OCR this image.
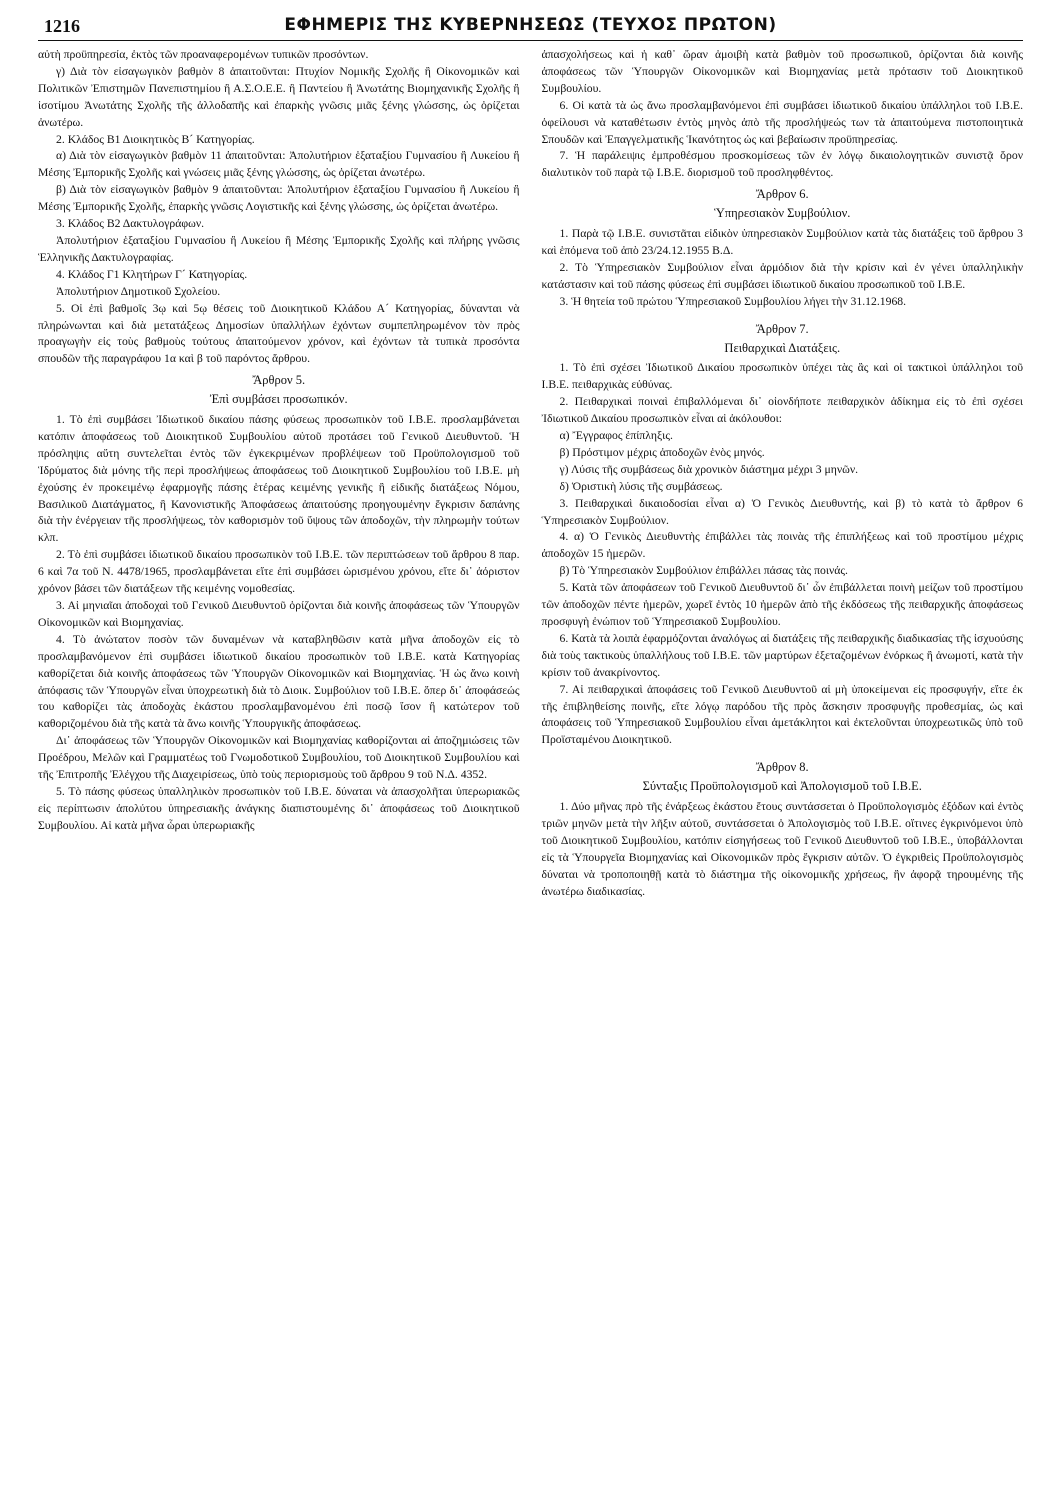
1216	ΕΦΗΜΕΡΙΣ ΤΗΣ ΚΥΒΕΡΝΗΣΕΩΣ (ΤΕΥΧΟΣ ΠΡΩΤΟΝ)

αὐτὴ προϋπηρεσία, ἐκτὸς τῶν προαναφερομένων τυπικῶν προσόντων.

γ) Διὰ τὸν εἰσαγωγικὸν βαθμὸν 8 ἀπαιτοῦνται: Πτυχίον Νομικῆς Σχολῆς ἢ Οἰκονομικῶν καὶ Πολιτικῶν Ἐπιστημῶν Πανεπιστημίου ἢ Α.Σ.Ο.Ε.Ε. ἢ Παντείου ἢ Ἀνωτάτης Βιομηχανικῆς Σχολῆς ἢ ἰσοτίμου Ἀνωτάτης Σχολῆς τῆς ἀλλοδαπῆς καὶ ἐπαρκὴς γνῶσις μιᾶς ξένης γλώσσης, ὡς ὁρίζεται ἀνωτέρω.

2. Κλάδος Β1 Διοικητικὸς Β´ Κατηγορίας.

α) Διὰ τὸν εἰσαγωγικὸν βαθμὸν 11 ἀπαιτοῦνται: Ἀπολυτήριον ἑξαταξίου Γυμνασίου ἢ Λυκείου ἢ Μέσης Ἐμπορικῆς Σχολῆς καὶ γνώσεις μιᾶς ξένης γλώσσης, ὡς ὁρίζεται ἀνωτέρω.

β) Διὰ τὸν εἰσαγωγικὸν βαθμὸν 9 ἀπαιτοῦνται: Ἀπολυτήριον ἑξαταξίου Γυμνασίου ἢ Λυκείου ἢ Μέσης Ἐμπορικῆς Σχολῆς, ἐπαρκὴς γνῶσις Λογιστικῆς καὶ ξένης γλώσσης, ὡς ὁρίζεται ἀνωτέρω.

3. Κλάδος Β2 Δακτυλογράφων.

Ἀπολυτήριον ἑξαταξίου Γυμνασίου ἢ Λυκείου ἢ Μέσης Ἐμπορικῆς Σχολῆς καὶ πλήρης γνῶσις Ἑλληνικῆς Δακτυλογραφίας.

4. Κλάδος Γ1 Κλητήρων Γ´ Κατηγορίας.

Ἀπολυτήριον Δημοτικοῦ Σχολείου.

5. Οἱ ἐπὶ βαθμοῖς 3ῳ καὶ 5ῳ θέσεις τοῦ Διοικητικοῦ Κλάδου Α´ Κατηγορίας, δύνανται νὰ πληρώνωνται καὶ διὰ μετατάξεως Δημοσίων ὑπαλλήλων ἐχόντων συμπεπληρωμένον τὸν πρὸς προαγωγὴν εἰς τοὺς βαθμοὺς τούτους ἀπαιτούμενον χρόνον, καὶ ἐχόντων τὰ τυπικὰ προσόντα σπουδῶν τῆς παραγράφου 1α καὶ β τοῦ παρόντος ἄρθρου.

Ἄρθρον 5.

Ἐπὶ συμβάσει προσωπικόν.

1. Τὸ ἐπὶ συμβάσει Ἰδιωτικοῦ δικαίου πάσης φύσεως προσωπικὸν τοῦ Ι.Β.Ε. προσλαμβάνεται κατόπιν ἀποφάσεως τοῦ Διοικητικοῦ Συμβουλίου αὐτοῦ προτάσει τοῦ Γενικοῦ Διευθυντοῦ. Ἡ πρόσληψις αὕτη συντελεῖται ἐντὸς τῶν ἐγκεκριμένων προβλέψεων τοῦ Προϋπολογισμοῦ τοῦ Ἱδρύματος διὰ μόνης τῆς περὶ προσλήψεως ἀποφάσεως τοῦ Διοικητικοῦ Συμβουλίου τοῦ Ι.Β.Ε. μὴ ἐχούσης ἐν προκειμένῳ ἐφαρμογῆς πάσης ἑτέρας κειμένης γενικῆς ἢ εἰδικῆς διατάξεως Νόμου, Βασιλικοῦ Διατάγματος, ἢ Κανονιστικῆς Ἀποφάσεως ἀπαιτούσης προηγουμένην ἔγκρισιν δαπάνης διὰ τὴν ἐνέργειαν τῆς προσλήψεως, τὸν καθορισμὸν τοῦ ὕψους τῶν ἀποδοχῶν, τὴν πληρωμὴν τούτων κλπ.

2. Τὸ ἐπὶ συμβάσει ἰδιωτικοῦ δικαίου προσωπικὸν τοῦ Ι.Β.Ε. τῶν περιπτώσεων τοῦ ἄρθρου 8 παρ. 6 καὶ 7α τοῦ Ν. 4478/1965, προσλαμβάνεται εἴτε ἐπὶ συμβάσει ὡρισμένου χρόνου, εἴτε δι᾽ ἀόριστον χρόνον βάσει τῶν διατάξεων τῆς κειμένης νομοθεσίας.

3. Αἱ μηνιαῖαι ἀποδοχαὶ τοῦ Γενικοῦ Διευθυντοῦ ὁρίζονται διὰ κοινῆς ἀποφάσεως τῶν Ὑπουργῶν Οἰκονομικῶν καὶ Βιομηχανίας.

4. Τὸ ἀνώτατον ποσὸν τῶν δυναμένων νὰ καταβληθῶσιν κατὰ μῆνα ἀποδοχῶν εἰς τὸ προσλαμβανόμενον ἐπὶ συμβάσει ἰδιωτικοῦ δικαίου προσωπικὸν τοῦ Ι.Β.Ε. κατὰ Κατηγορίας καθορίζεται διὰ κοινῆς ἀποφάσεως τῶν Ὑπουργῶν Οἰκονομικῶν καὶ Βιομηχανίας. Ἡ ὡς ἄνω κοινὴ ἀπόφασις τῶν Ὑπουργῶν εἶναι ὑποχρεωτικὴ διὰ τὸ Διοικ. Συμβούλιον τοῦ Ι.Β.Ε. ὅπερ δι᾽ ἀποφάσεώς του καθορίζει τὰς ἀποδοχὰς ἑκάστου προσλαμβανομένου ἐπὶ ποσῷ ἴσον ἢ κατώτερον τοῦ καθοριζομένου διὰ τῆς κατὰ τὰ ἄνω κοινῆς Ὑπουργικῆς ἀποφάσεως.

Δι᾽ ἀποφάσεως τῶν Ὑπουργῶν Οἰκονομικῶν καὶ Βιομηχανίας καθορίζονται αἱ ἀποζημιώσεις τῶν Προέδρου, Μελῶν καὶ Γραμματέως τοῦ Γνωμοδοτικοῦ Συμβουλίου, τοῦ Διοικητικοῦ Συμβουλίου καὶ τῆς Ἐπιτροπῆς Ἐλέγχου τῆς Διαχειρίσεως, ὑπὸ τοὺς περιορισμοὺς τοῦ ἄρθρου 9 τοῦ Ν.Δ. 4352.

5. Τὸ πάσης φύσεως ὑπαλληλικὸν προσωπικὸν τοῦ Ι.Β.Ε. δύναται νὰ ἀπασχολῆται ὑπερωριακῶς εἰς περίπτωσιν ἀπολύτου ὑπηρεσιακῆς ἀνάγκης διαπιστουμένης δι᾽ ἀποφάσεως τοῦ Διοικητικοῦ Συμβουλίου. Αἱ κατὰ μῆνα ὧραι ὑπερωριακῆς

ἀπασχολήσεως καὶ ἡ καθ᾽ ὥραν ἀμοιβὴ κατὰ βαθμὸν τοῦ προσωπικοῦ, ὁρίζονται διὰ κοινῆς ἀποφάσεως τῶν Ὑπουργῶν Οἰκονομικῶν καὶ Βιομηχανίας μετὰ πρότασιν τοῦ Διοικητικοῦ Συμβουλίου.

6. Οἱ κατὰ τὰ ὡς ἄνω προσλαμβανόμενοι ἐπὶ συμβάσει ἰδιωτικοῦ δικαίου ὑπάλληλοι τοῦ Ι.Β.Ε. ὀφείλουσι νὰ καταθέτωσιν ἐντὸς μηνὸς ἀπὸ τῆς προσλήψεώς των τὰ ἀπαιτούμενα πιστοποιητικὰ Σπουδῶν καὶ Ἐπαγγελματικῆς Ἱκανότητος ὡς καὶ βεβαίωσιν προϋπηρεσίας.

7. Ἡ παράλειψις ἐμπροθέσμου προσκομίσεως τῶν ἐν λόγῳ δικαιολογητικῶν συνιστᾷ ὅρον διαλυτικὸν τοῦ παρὰ τῷ Ι.Β.Ε. διορισμοῦ τοῦ προσληφθέντος.

Ἄρθρον 6.

Ὑπηρεσιακὸν Συμβούλιον.

1. Παρὰ τῷ Ι.Β.Ε. συνιστᾶται εἰδικὸν ὑπηρεσιακὸν Συμβούλιον κατὰ τὰς διατάξεις τοῦ ἄρθρου 3 καὶ ἑπόμενα τοῦ ἀπὸ 23/24.12.1955 Β.Δ.

2. Τὸ Ὑπηρεσιακὸν Συμβούλιον εἶναι ἁρμόδιον διὰ τὴν κρίσιν καὶ ἐν γένει ὑπαλληλικὴν κατάστασιν καὶ τοῦ πάσης φύσεως ἐπὶ συμβάσει ἰδιωτικοῦ δικαίου προσωπικοῦ τοῦ Ι.Β.Ε.

3. Ἡ θητεία τοῦ πρώτου Ὑπηρεσιακοῦ Συμβουλίου λήγει τὴν 31.12.1968.

Ἄρθρον 7.

Πειθαρχικαὶ Διατάξεις.

1. Τὸ ἐπὶ σχέσει Ἰδιωτικοῦ Δικαίου προσωπικὸν ὑπέχει τὰς ἃς καὶ οἱ τακτικοὶ ὑπάλληλοι τοῦ Ι.Β.Ε. πειθαρχικὰς εὐθύνας.

2. Πειθαρχικαὶ ποιναὶ ἐπιβαλλόμεναι δι᾽ οἱονδήποτε πειθαρχικὸν ἀδίκημα εἰς τὸ ἐπὶ σχέσει Ἰδιωτικοῦ Δικαίου προσωπικὸν εἶναι αἱ ἀκόλουθοι:

α) Ἔγγραφος ἐπίπληξις.

β) Πρόστιμον μέχρις ἀποδοχῶν ἑνὸς μηνός.

γ) Λύσις τῆς συμβάσεως διὰ χρονικὸν διάστημα μέχρι 3 μηνῶν.

δ) Ὁριστικὴ λύσις τῆς συμβάσεως.

3. Πειθαρχικαὶ δικαιοδοσίαι εἶναι α) Ὁ Γενικὸς Διευθυντής, καὶ β) τὸ κατὰ τὸ ἄρθρον 6 Ὑπηρεσιακὸν Συμβούλιον.

4. α) Ὁ Γενικὸς Διευθυντὴς ἐπιβάλλει τὰς ποινὰς τῆς ἐπιπλήξεως καὶ τοῦ προστίμου μέχρις ἀποδοχῶν 15 ἡμερῶν.

β) Τὸ Ὑπηρεσιακὸν Συμβούλιον ἐπιβάλλει πάσας τὰς ποινάς.

5. Κατὰ τῶν ἀποφάσεων τοῦ Γενικοῦ Διευθυντοῦ δι᾽ ὧν ἐπιβάλλεται ποινὴ μείζων τοῦ προστίμου τῶν ἀποδοχῶν πέντε ἡμερῶν, χωρεῖ ἐντὸς 10 ἡμερῶν ἀπὸ τῆς ἐκδόσεως τῆς πειθαρχικῆς ἀποφάσεως προσφυγὴ ἐνώπιον τοῦ Ὑπηρεσιακοῦ Συμβουλίου.

6. Κατὰ τὰ λοιπὰ ἐφαρμόζονται ἀναλόγως αἱ διατάξεις τῆς πειθαρχικῆς διαδικασίας τῆς ἰσχυούσης διὰ τοὺς τακτικοὺς ὑπαλλήλους τοῦ Ι.Β.Ε. τῶν μαρτύρων ἐξεταζομένων ἐνόρκως ἢ ἀνωμοτί, κατὰ τὴν κρίσιν τοῦ ἀνακρίνοντος.

7. Αἱ πειθαρχικαὶ ἀποφάσεις τοῦ Γενικοῦ Διευθυντοῦ αἱ μὴ ὑποκείμεναι εἰς προσφυγήν, εἴτε ἐκ τῆς ἐπιβληθείσης ποινῆς, εἴτε λόγῳ παρόδου τῆς πρὸς ἄσκησιν προσφυγῆς προθεσμίας, ὡς καὶ ἀποφάσεις τοῦ Ὑπηρεσιακοῦ Συμβουλίου εἶναι ἀμετάκλητοι καὶ ἐκτελοῦνται ὑποχρεωτικῶς ὑπὸ τοῦ Προϊσταμένου Διοικητικοῦ.

Ἄρθρον 8.

Σύνταξις Προϋπολογισμοῦ καὶ Ἀπολογισμοῦ τοῦ Ι.Β.Ε.

1. Δύο μῆνας πρὸ τῆς ἐνάρξεως ἑκάστου ἔτους συντάσσεται ὁ Προϋπολογισμὸς ἐξόδων καὶ ἐντὸς τριῶν μηνῶν μετὰ τὴν λῆξιν αὐτοῦ, συντάσσεται ὁ Ἀπολογισμὸς τοῦ Ι.Β.Ε. οἵτινες ἐγκρινόμενοι ὑπὸ τοῦ Διοικητικοῦ Συμβουλίου, κατόπιν εἰσηγήσεως τοῦ Γενικοῦ Διευθυντοῦ τοῦ Ι.Β.Ε., ὑποβάλλονται εἰς τὰ Ὑπουργεῖα Βιομηχανίας καὶ Οἰκονομικῶν πρὸς ἔγκρισιν αὐτῶν. Ὁ ἐγκριθεὶς Προϋπολογισμὸς δύναται νὰ τροποποιηθῇ κατὰ τὸ διάστημα τῆς οἰκονομικῆς χρήσεως, ἣν ἀφορᾷ τηρουμένης τῆς ἀνωτέρω διαδικασίας.
